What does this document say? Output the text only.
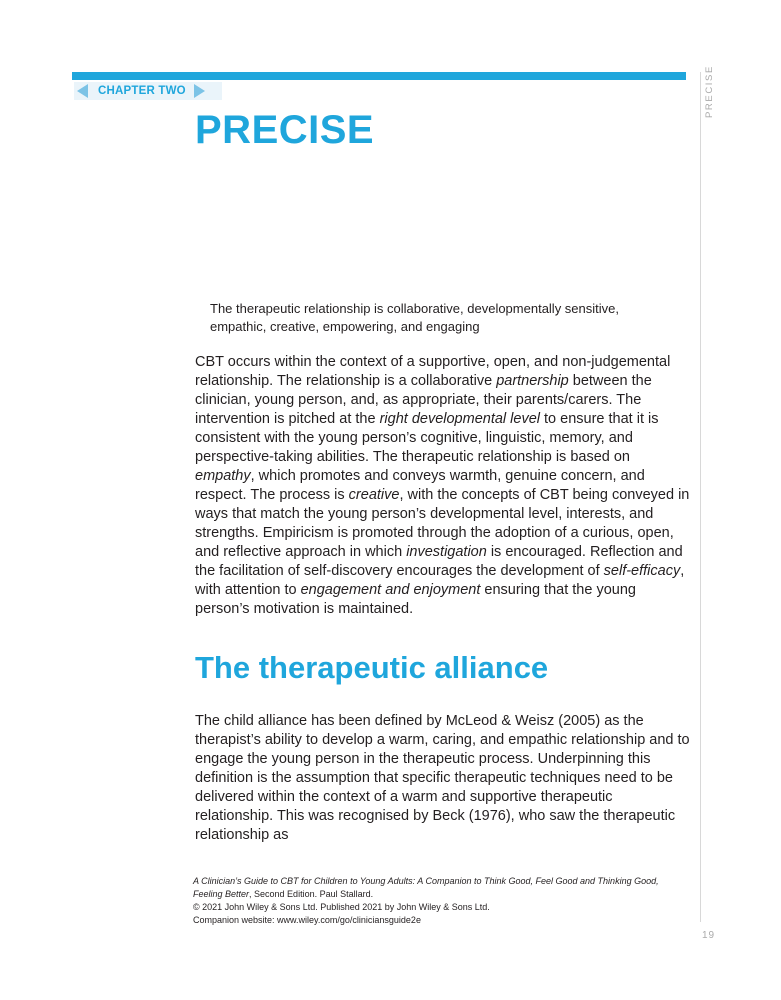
CHAPTER TWO
PRECISE
PRECISE

The therapeutic relationship is collaborative, developmentally sensitive,
empathic, creative, empowering, and engaging

CBT occurs within the context of a supportive, open, and non-judgemental relationship. The relationship is a collaborative partnership between the clinician, young person, and, as appropriate, their parents/carers. The intervention is pitched at the right developmental level to ensure that it is consistent with the young person’s cognitive, linguistic, memory, and perspective-taking abilities. The therapeutic relationship is based on empathy, which promotes and conveys warmth, genuine concern, and respect. The process is creative, with the concepts of CBT being conveyed in ways that match the young person’s developmental level, interests, and strengths. Empiricism is promoted through the adoption of a curious, open, and reflective approach in which investigation is encouraged. Reflection and the facilitation of self-discovery encourages the development of self-efficacy, with attention to engagement and enjoyment ensuring that the young person’s motivation is maintained.

The therapeutic alliance

The child alliance has been defined by McLeod & Weisz (2005) as the therapist’s ability to develop a warm, caring, and empathic relationship and to engage the young person in the therapeutic process. Underpinning this definition is the assumption that specific therapeutic techniques need to be delivered within the context of a warm and supportive therapeutic relationship. This was recognised by Beck (1976), who saw the therapeutic relationship as

A Clinician’s Guide to CBT for Children to Young Adults: A Companion to Think Good, Feel Good and Thinking Good, Feeling Better, Second Edition. Paul Stallard.
© 2021 John Wiley & Sons Ltd. Published 2021 by John Wiley & Sons Ltd.
Companion website: www.wiley.com/go/cliniciansguide2e
19
